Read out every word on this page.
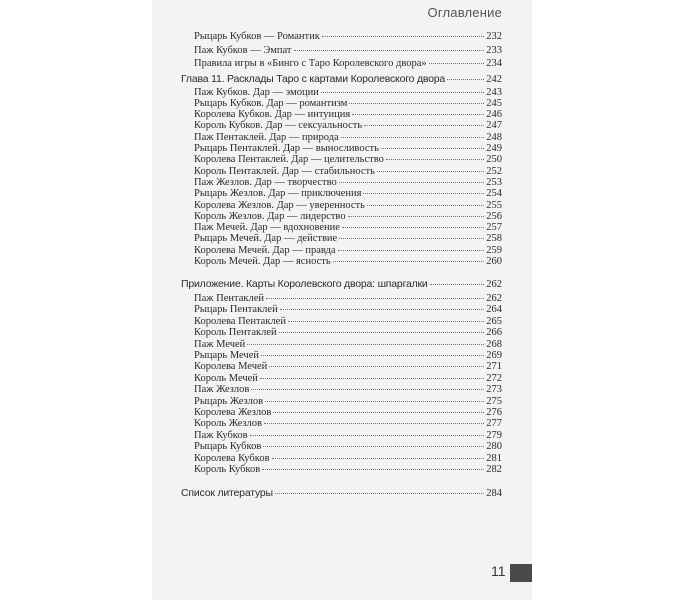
Оглавление
Рыцарь Кубков — Романтик	232
Паж Кубков — Эмпат	233
Правила игры в «Бинго с Таро Королевского двора»	234
Глава 11. Расклады Таро с картами Королевского двора	242
Паж Кубков. Дар — эмоции	243
Рыцарь Кубков. Дар — романтизм	245
Королева Кубков. Дар — интуиция	246
Король Кубков. Дар — сексуальность	247
Паж Пентаклей. Дар — природа	248
Рыцарь Пентаклей. Дар — выносливость	249
Королева Пентаклей. Дар — целительство	250
Король Пентаклей. Дар — стабильность	252
Паж Жезлов. Дар — творчество	253
Рыцарь Жезлов. Дар — приключения	254
Королева Жезлов. Дар — уверенность	255
Король Жезлов. Дар — лидерство	256
Паж Мечей. Дар — вдохновение	257
Рыцарь Мечей. Дар — действие	258
Королева Мечей. Дар — правда	259
Король Мечей. Дар — ясность	260
Приложение. Карты Королевского двора: шпаргалки	262
Паж Пентаклей	262
Рыцарь Пентаклей	264
Королева Пентаклей	265
Король Пентаклей	266
Паж Мечей	268
Рыцарь Мечей	269
Королева Мечей	271
Король Мечей	272
Паж Жезлов	273
Рыцарь Жезлов	275
Королева Жезлов	276
Король Жезлов	277
Паж Кубков	279
Рыцарь Кубков	280
Королева Кубков	281
Король Кубков	282
Список литературы	284
11
